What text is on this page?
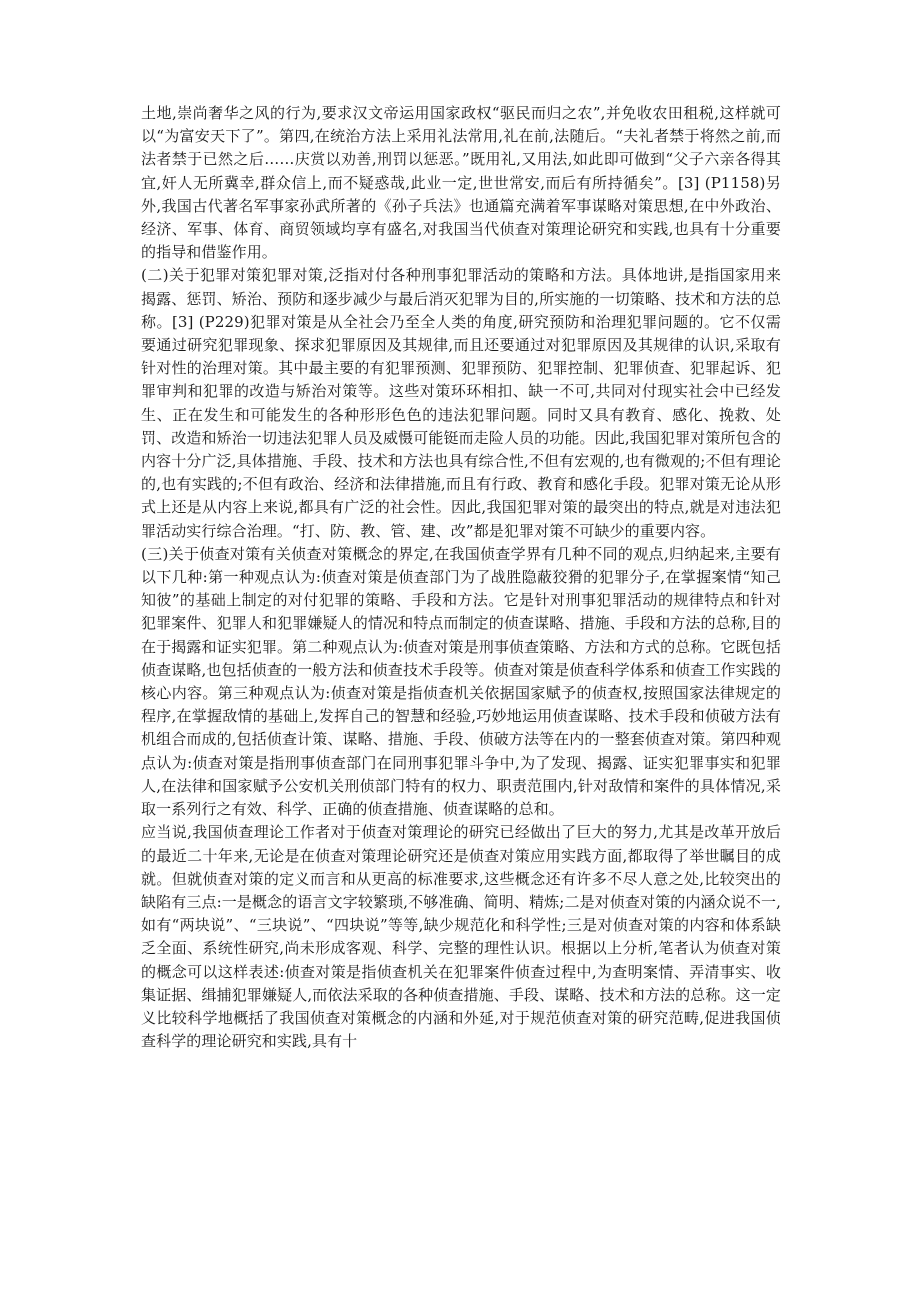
土地,崇尚奢华之风的行为,要求汉文帝运用国家政权“驱民而归之农”,并免收农田租税,这样就可以“为富安天下了”。第四,在统治方法上采用礼法常用,礼在前,法随后。“夫礼者禁于将然之前,而法者禁于已然之后……庆赏以劝善,刑罚以惩恶。”既用礼,又用法,如此即可做到“父子六亲各得其宜,奸人无所冀幸,群众信上,而不疑惑哉,此业一定,世世常安,而后有所持循矣”。[3] (P1158)另外,我国古代著名军事家孙武所著的《孙子兵法》也通篇充满着军事谋略对策思想,在中外政治、经济、军事、体育、商贸领域均享有盛名,对我国当代侦查对策理论研究和实践,也具有十分重要的指导和借鉴作用。

(二)关于犯罪对策犯罪对策,泛指对付各种刑事犯罪活动的策略和方法。具体地讲,是指国家用来揭露、惩罚、矫治、预防和逐步减少与最后消灭犯罪为目的,所实施的一切策略、技术和方法的总称。[3] (P229)犯罪对策是从全社会乃至全人类的角度,研究预防和治理犯罪问题的。它不仅需要通过研究犯罪现象、探求犯罪原因及其规律,而且还要通过对犯罪原因及其规律的认识,采取有针对性的治理对策。其中最主要的有犯罪预测、犯罪预防、犯罪控制、犯罪侦查、犯罪起诉、犯罪审判和犯罪的改造与矫治对策等。这些对策环环相扣、缺一不可,共同对付现实社会中已经发生、正在发生和可能发生的各种形形色色的违法犯罪问题。同时又具有教育、感化、挽救、处罚、改造和矫治一切违法犯罪人员及威慑可能铤而走险人员的功能。因此,我国犯罪对策所包含的内容十分广泛,具体措施、手段、技术和方法也具有综合性,不但有宏观的,也有微观的;不但有理论的,也有实践的;不但有政治、经济和法律措施,而且有行政、教育和感化手段。犯罪对策无论从形式上还是从内容上来说,都具有广泛的社会性。因此,我国犯罪对策的最突出的特点,就是对违法犯罪活动实行综合治理。“打、防、教、管、建、改”都是犯罪对策不可缺少的重要内容。

(三)关于侦查对策有关侦查对策概念的界定,在我国侦查学界有几种不同的观点,归纳起来,主要有以下几种:第一种观点认为:侦查对策是侦查部门为了战胜隐蔽狡猾的犯罪分子,在掌握案情“知己知彼”的基础上制定的对付犯罪的策略、手段和方法。它是针对刑事犯罪活动的规律特点和针对犯罪案件、犯罪人和犯罪嫌疑人的情况和特点而制定的侦查谋略、措施、手段和方法的总称,目的在于揭露和证实犯罪。第二种观点认为:侦查对策是刑事侦查策略、方法和方式的总称。它既包括侦查谋略,也包括侦查的一般方法和侦查技术手段等。侦查对策是侦查科学体系和侦查工作实践的核心内容。第三种观点认为:侦查对策是指侦查机关依据国家赋予的侦查权,按照国家法律规定的程序,在掌握敌情的基础上,发挥自己的智慧和经验,巧妙地运用侦查谋略、技术手段和侦破方法有机组合而成的,包括侦查计策、谋略、措施、手段、侦破方法等在内的一整套侦查对策。第四种观点认为:侦查对策是指刑事侦查部门在同刑事犯罪斗争中,为了发现、揭露、证实犯罪事实和犯罪人,在法律和国家赋予公安机关刑侦部门特有的权力、职责范围内,针对敌情和案件的具体情况,采取一系列行之有效、科学、正确的侦查措施、侦查谋略的总和。

应当说,我国侦查理论工作者对于侦查对策理论的研究已经做出了巨大的努力,尤其是改革开放后的最近二十年来,无论是在侦查对策理论研究还是侦查对策应用实践方面,都取得了举世瞩目的成就。但就侦查对策的定义而言和从更高的标准要求,这些概念还有许多不尽人意之处,比较突出的缺陷有三点:一是概念的语言文字较繁琐,不够准确、简明、精炼;二是对侦查对策的内涵众说不一,如有“两块说”、“三块说”、“四块说”等等,缺少规范化和科学性;三是对侦查对策的内容和体系缺乏全面、系统性研究,尚未形成客观、科学、完整的理性认识。根据以上分析,笔者认为侦查对策的概念可以这样表述:侦查对策是指侦查机关在犯罪案件侦查过程中,为查明案情、弄清事实、收集证据、缉捕犯罪嫌疑人,而依法采取的各种侦查措施、手段、谋略、技术和方法的总称。这一定义比较科学地概括了我国侦查对策概念的内涵和外延,对于规范侦查对策的研究范畴,促进我国侦查科学的理论研究和实践,具有十
